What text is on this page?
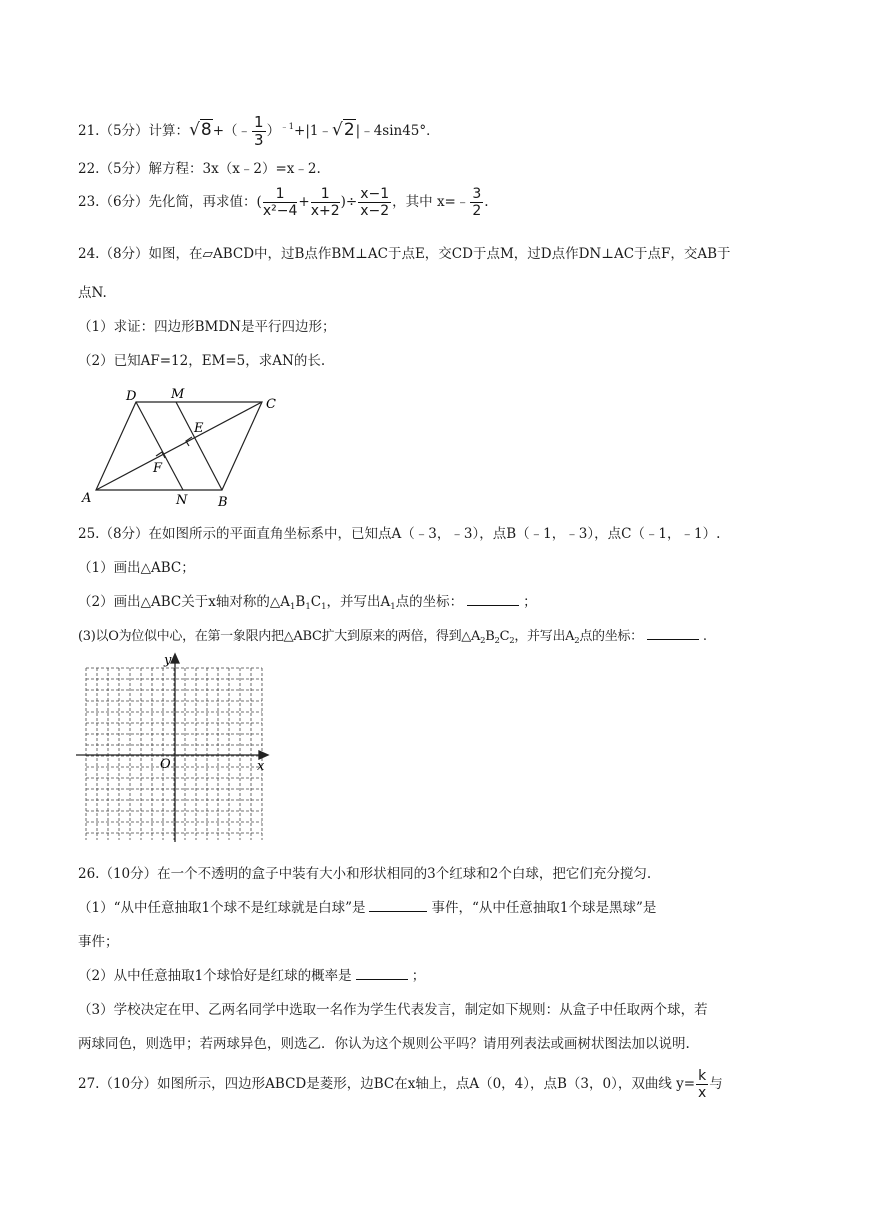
21.（5分）计算：√8+（﹣ $\frac{1}{3}$ ）$^{﹣1}$+|1﹣√2|﹣4sin45°．
22.（5分）解方程：3x（x﹣2）=x﹣2.
23.（6分）先化简，再求值：( $\frac{1}{\text{x²−4}} + \frac{1}{x+2}$ )÷ $\frac{x-1}{x-2}$ ，其中 x=﹣ $\frac{3}{2}$ .
24.（8分）如图，在▱ABCD中，过B点作BM⊥AC于点E，交CD于点M，过D点作DN⊥AC于点F，交AB于
点N.
（1）求证：四边形BMDN是平行四边形；
（2）已知AF=12，EM=5，求AN的长.
D	M
C
E
F
A	N B
25.（8分）在如图所示的平面直角坐标系中，已知点A（﹣3，﹣3），点B（﹣1，﹣3），点C（﹣1，﹣1）.
（1）画出△ABC；
（2）画出△ABC关于x轴对称的$\triangle A_1B_1C_1$，并写出$A_1$点的坐标：	；
(3)以O为位似中心，在第一象限内把△ABC扩大到原来的两倍，得到$\triangle A_2B_2C_2$，并写出$A_2$点的坐标：	.
y
x
O
26.（10分）在一个不透明的盒子中装有大小和形状相同的3个红球和2个白球，把它们充分搅匀.
（1）“从中任意抽取1个球不是红球就是白球”是	事件，“从中任意抽取1个球是黑球”是
事件；
（2）从中任意抽取1个球恰好是红球的概率是	；
（3）学校决定在甲、乙两名同学中选取一名作为学生代表发言，制定如下规则：从盒子中任取两个球，若
两球同色，则选甲；若两球异色，则选乙．你认为这个规则公平吗？请用列表法或画树状图法加以说明.
27.（10分）如图所示，四边形ABCD是菱形，边BC在x轴上，点A（0，4），点B（3，0），双曲线 $y= \frac{k}{x}$ 与
